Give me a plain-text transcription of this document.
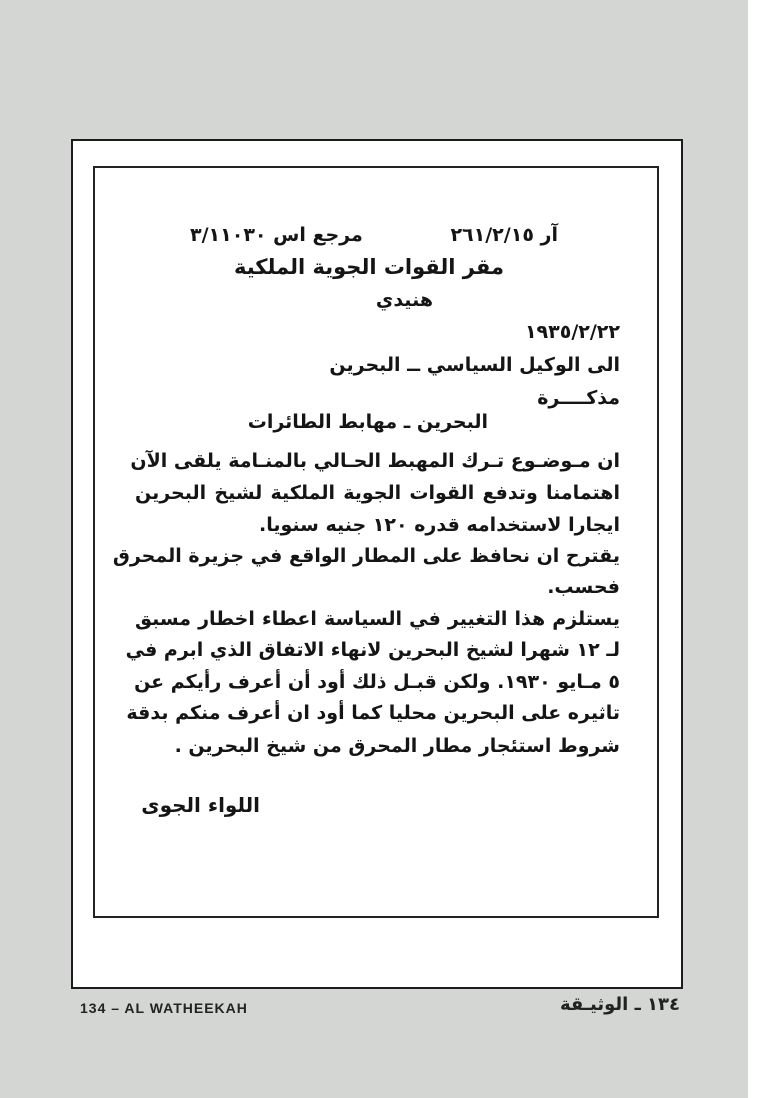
مرجع اس ٣/١١٠٣٠	آر ٢٦١/٢/١٥
مقر القوات الجوية الملكية
هنيدي
١٩٣٥/٢/٢٢
الى الوكيل السياسي ــ البحرين
مذكــــرة
البحرين ـ مهابط الطائرات
ان مـوضـوع تـرك المهبط الحـالي بالمنـامة يلقى الآن
اهتمامنا وتدفع القوات الجوية الملكية لشيخ البحرين
ايجارا لاستخدامه قدره ١٢٠ جنيه سنويا.
يقترح ان نحافظ على المطار الواقع في جزيرة المحرق
فحسب.
يستلزم هذا التغيير في السياسة اعطاء اخطار مسبق
لـ ١٢ شهرا لشيخ البحرين لانهاء الاتفاق الذي ابرم في
٥ مـايو ١٩٣٠. ولكن قبـل ذلك أود أن أعرف رأيكم عن
تاثيره على البحرين محليا كما أود ان أعرف منكم بدقة
شروط استئجار مطار المحرق من شيخ البحرين .
اللواء الجوى
134 – AL WATHEEKAH	١٣٤ ـ الوثيـقة
